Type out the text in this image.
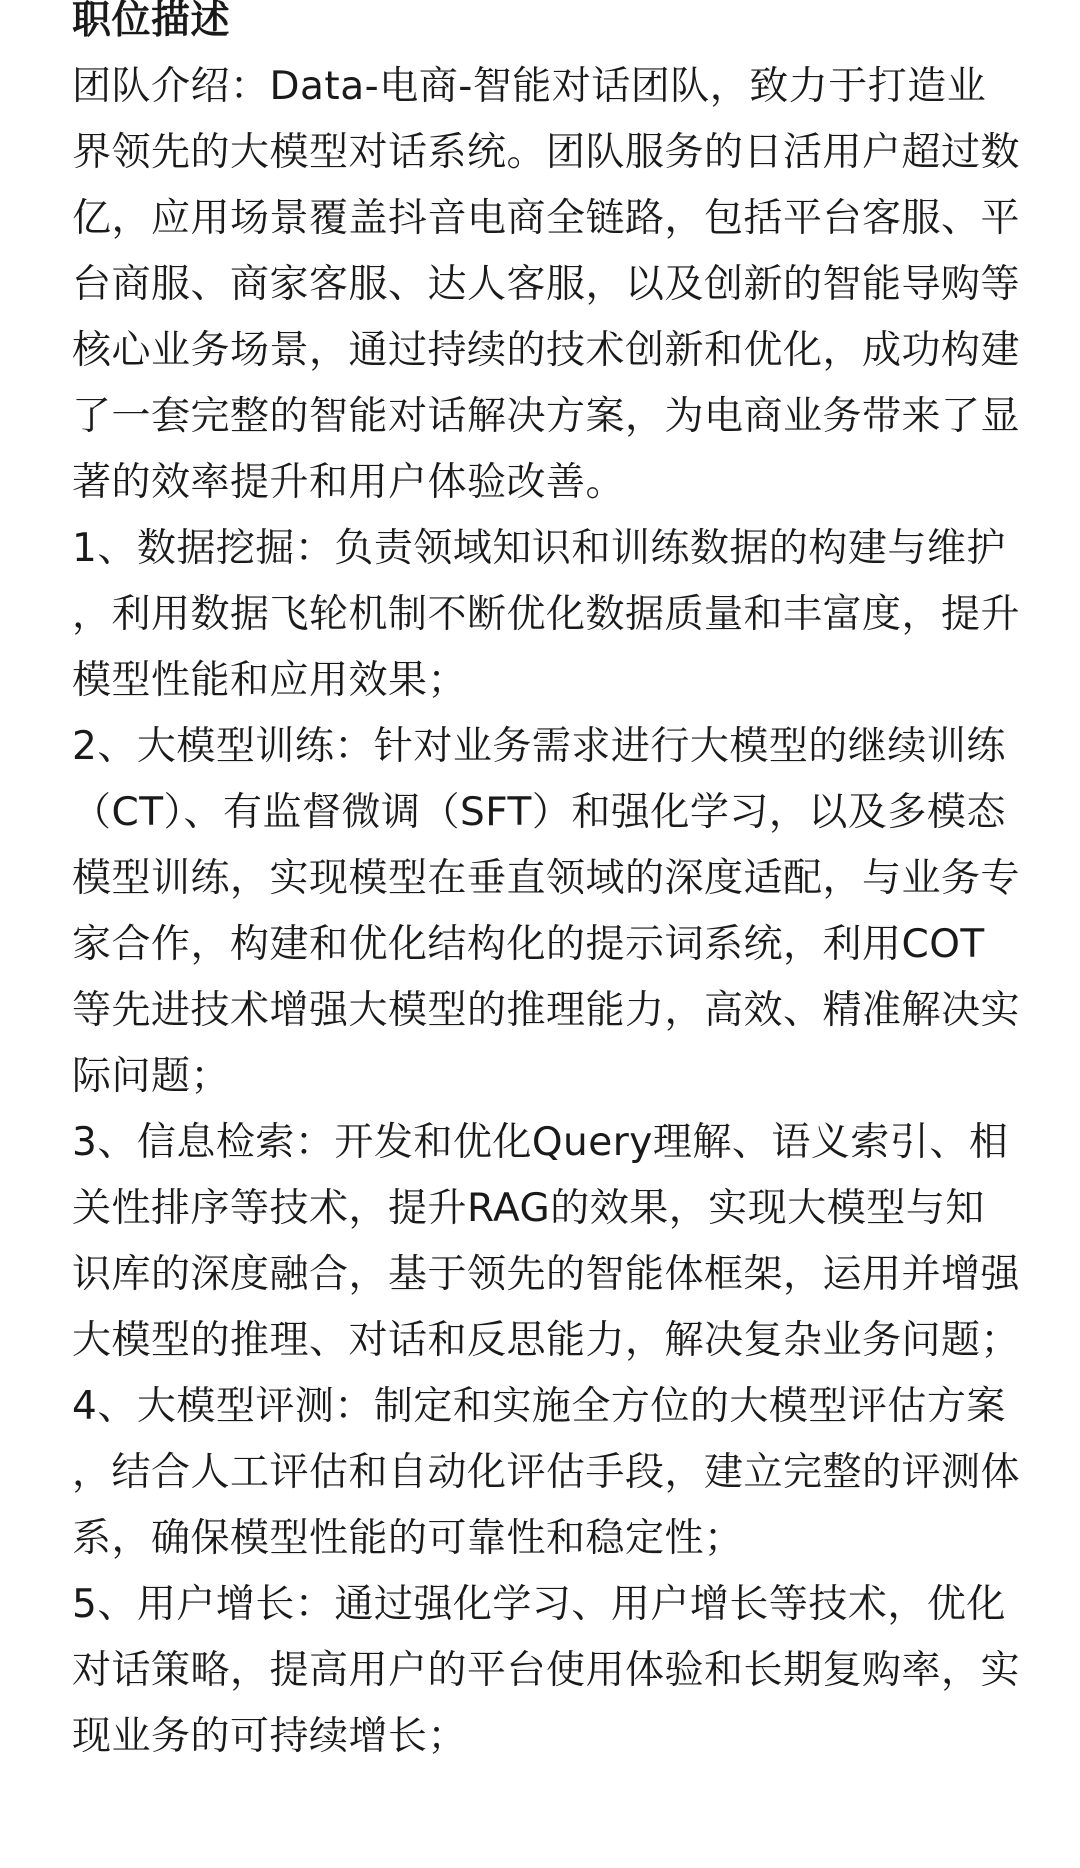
职位描述
团队介绍：Data-电商-智能对话团队，致力于打造业界领先的大模型对话系统。团队服务的日活用户超过数亿，应用场景覆盖抖音电商全链路，包括平台客服、平台商服、商家客服、达人客服，以及创新的智能导购等核心业务场景，通过持续的技术创新和优化，成功构建了一套完整的智能对话解决方案，为电商业务带来了显著的效率提升和用户体验改善。
1、数据挖掘：负责领域知识和训练数据的构建与维护，利用数据飞轮机制不断优化数据质量和丰富度，提升模型性能和应用效果；
2、大模型训练：针对业务需求进行大模型的继续训练（CT）、有监督微调（SFT）和强化学习，以及多模态模型训练，实现模型在垂直领域的深度适配，与业务专家合作，构建和优化结构化的提示词系统，利用COT等先进技术增强大模型的推理能力，高效、精准解决实际问题；
3、信息检索：开发和优化Query理解、语义索引、相关性排序等技术，提升RAG的效果，实现大模型与知识库的深度融合，基于领先的智能体框架，运用并增强大模型的推理、对话和反思能力，解决复杂业务问题；
4、大模型评测：制定和实施全方位的大模型评估方案，结合人工评估和自动化评估手段，建立完整的评测体系，确保模型性能的可靠性和稳定性；
5、用户增长：通过强化学习、用户增长等技术，优化对话策略，提高用户的平台使用体验和长期复购率，实现业务的可持续增长；
